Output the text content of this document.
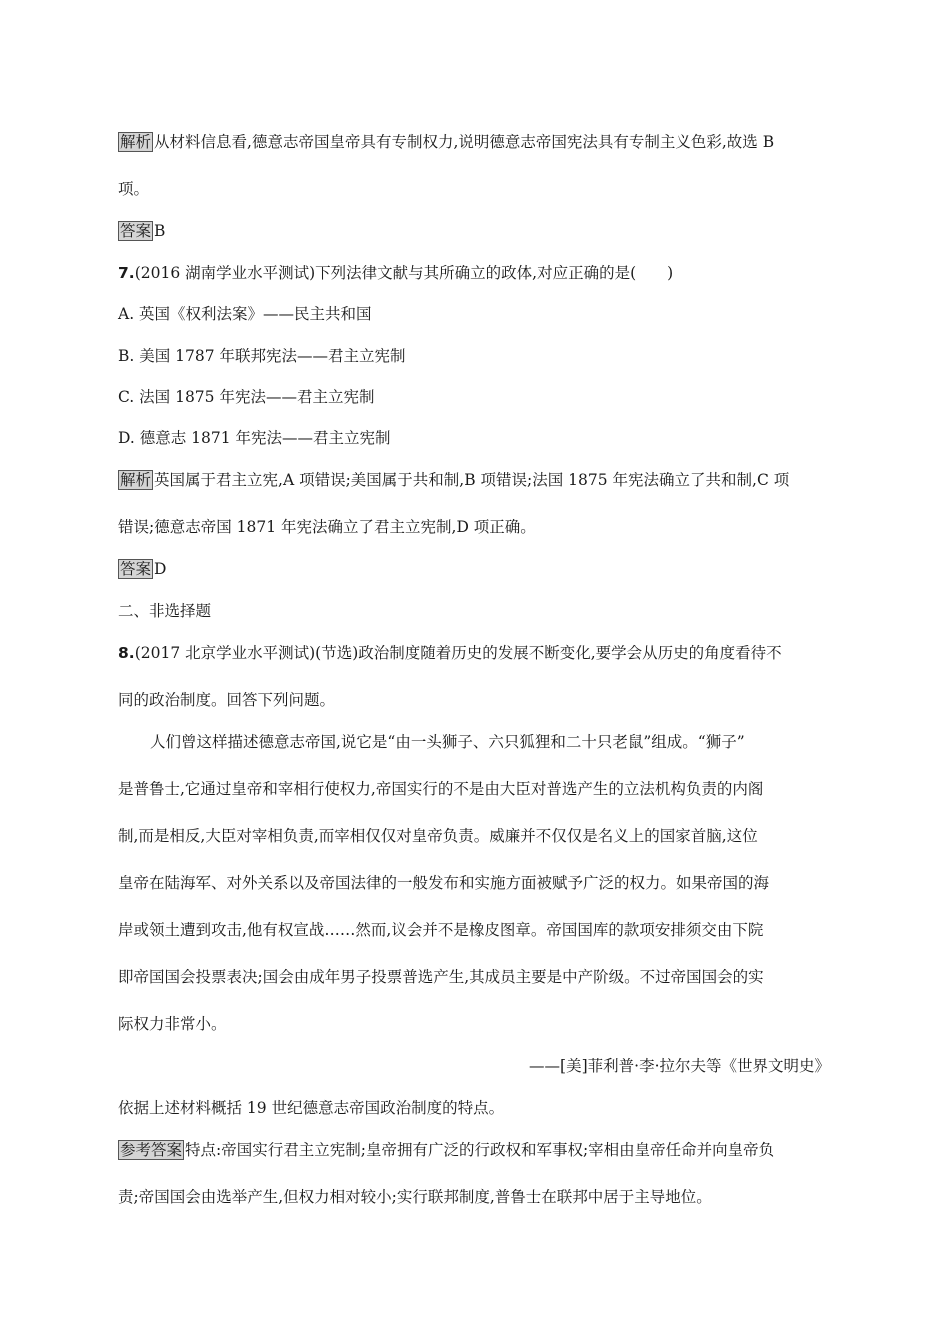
解析 从材料信息看,德意志帝国皇帝具有专制权力,说明德意志帝国宪法具有专制主义色彩,故选 B
项。
答案 B
7.(2016 湖南学业水平测试)下列法律文献与其所确立的政体,对应正确的是(　　)
A. 英国《权利法案》——民主共和国
B. 美国 1787 年联邦宪法——君主立宪制
C. 法国 1875 年宪法——君主立宪制
D. 德意志 1871 年宪法——君主立宪制
解析 英国属于君主立宪,A 项错误;美国属于共和制,B 项错误;法国 1875 年宪法确立了共和制,C 项
错误;德意志帝国 1871 年宪法确立了君主立宪制,D 项正确。
答案 D
二、非选择题
8.(2017 北京学业水平测试)(节选)政治制度随着历史的发展不断变化,要学会从历史的角度看待不
同的政治制度。回答下列问题。
人们曾这样描述德意志帝国,说它是“由一头狮子、六只狐狸和二十只老鼠”组成。“狮子”
是普鲁士,它通过皇帝和宰相行使权力,帝国实行的不是由大臣对普选产生的立法机构负责的内阁
制,而是相反,大臣对宰相负责,而宰相仅仅对皇帝负责。威廉并不仅仅是名义上的国家首脑,这位
皇帝在陆海军、对外关系以及帝国法律的一般发布和实施方面被赋予广泛的权力。如果帝国的海
岸或领土遭到攻击,他有权宣战……然而,议会并不是橡皮图章。帝国国库的款项安排须交由下院
即帝国国会投票表决;国会由成年男子投票普选产生,其成员主要是中产阶级。不过帝国国会的实
际权力非常小。
——[美]菲利普·李·拉尔夫等《世界文明史》
依据上述材料概括 19 世纪德意志帝国政治制度的特点。
参考答案 特点:帝国实行君主立宪制;皇帝拥有广泛的行政权和军事权;宰相由皇帝任命并向皇帝负
责;帝国国会由选举产生,但权力相对较小;实行联邦制度,普鲁士在联邦中居于主导地位。
